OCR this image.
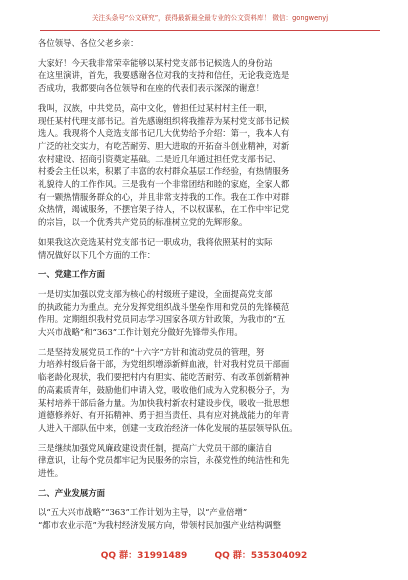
关注头条号“公文研究”，获得最新最全最专业的公文资料库！ 微信：gongwenyj
各位领导、各位父老乡亲：
大家好！今天我非常荣幸能够以某村党支部书记候选人的身份站
在这里演讲，首先，我要感谢各位对我的支持和信任，无论我竞选是
否成功，我都要向各位领导和在座的代表们表示深深的谢意！
我叫，汉族，中共党员，高中文化，曾担任过某村村主任一职，
现任某村代理支部书记。首先感谢组织将我推荐为某村党支部书记候
选人。我现将个人竞选支部书记几大优势给予介绍：第一，我本人有
广泛的社交实力，有吃苦耐劳、胆大进取的开拓奋斗创业精神，对新
农村建设、招商引资奠定基础。二是近几年通过担任党支部书记、
村委会主任以来，积累了丰富的农村群众基层工作经验，有热情服务
礼貌待人的工作作风。三是我有一个非常团结和睦的家庭，全家人都
有一颗热情服务群众的心，并且非常支持我的工作。我在工作中对群
众热情，竭诚服务，不摆官架子待人，不以权谋私，在工作中牢记党
的宗旨，以一个优秀共产党员的标准树立党的先辉形象。
如果我这次竞选某村党支部书记一职成功，我将依照某村的实际
情况做好以下几个方面的工作：
一、党建工作方面
一是切实加强以党支部为核心的村级班子建设，全面提高党支部
的执政能力为重点。充分发挥党组织战斗堡垒作用和党员的先锋模范
作用。定期组织我村党员同志学习国家各项方针政策，为我市的“五
大兴市战略”和“363”工作计划充分做好先锋带头作用。
二是坚持发展党员工作的“十六字”方针和流动党员的管理，努
力培养村级后备干部，为党组织增添新鲜血液，针对我村党员干部面
临老龄化现状，我们要把村内有胆实、能吃苦耐劳、有改革创新精神
的高素质青年，鼓励他们申请入党，吸收他们成为入党积极分子，为
某村培养干部后备力量。为加快我村新农村建设步伐，吸收一批思想
道德修养好、有开拓精神、勇于担当责任、具有应对挑战能力的年青
人进入干部队伍中来，创建一支政治经济一体化发展的基层领导队伍。
三是继续加强党风廉政建设责任制，提高广大党员干部的廉洁自
律意识，让每个党员都牢记为民服务的宗旨，永葆党性的纯洁性和先
进性。
二、产业发展方面
以“五大兴市战略”“363”工作计划为主导，以“产业倍增”
“都市农业示范”为我村经济发展方向，带领村民加强产业结构调整
QQ 群：31991489	QQ 群：535304092
